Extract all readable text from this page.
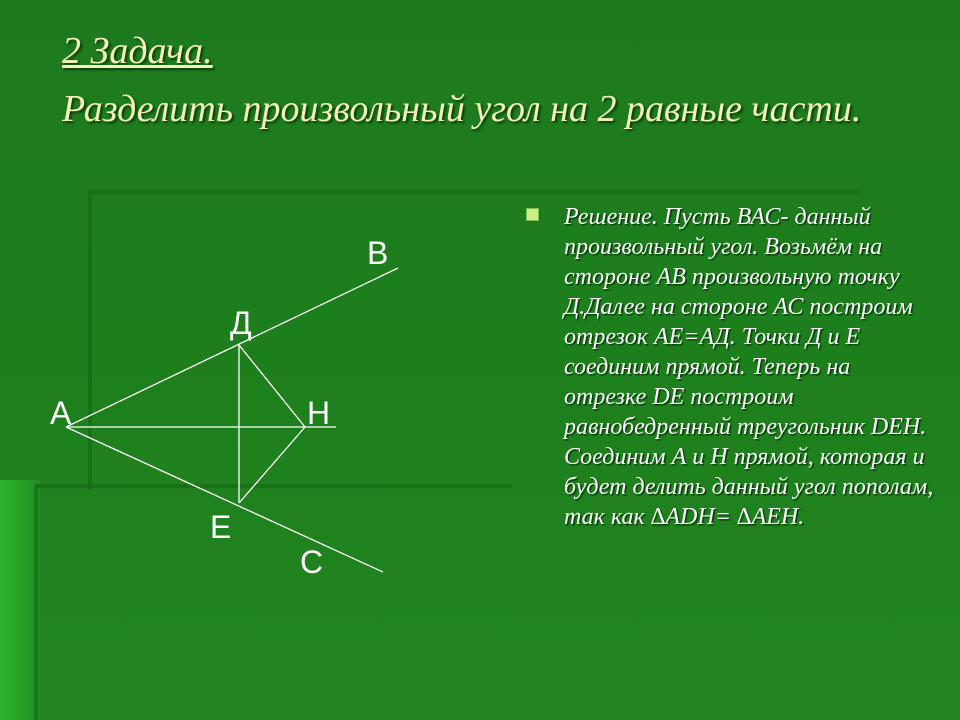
2 Задача.
Разделить произвольный угол на 2 равные части.
В
Д
А	Н
Е
С
Решение. Пусть ВАС- данный произвольный угол. Возьмём на стороне АВ произвольную точку Д.Далее на стороне АС построим отрезок АЕ=АД. Точки Д и Е соединим прямой. Теперь на отрезке DЕ построим равнобедренный треугольник DЕН. Соединим А и Н прямой, которая и будет делить данный угол пополам, так как ∆АDН= ∆АЕН.
